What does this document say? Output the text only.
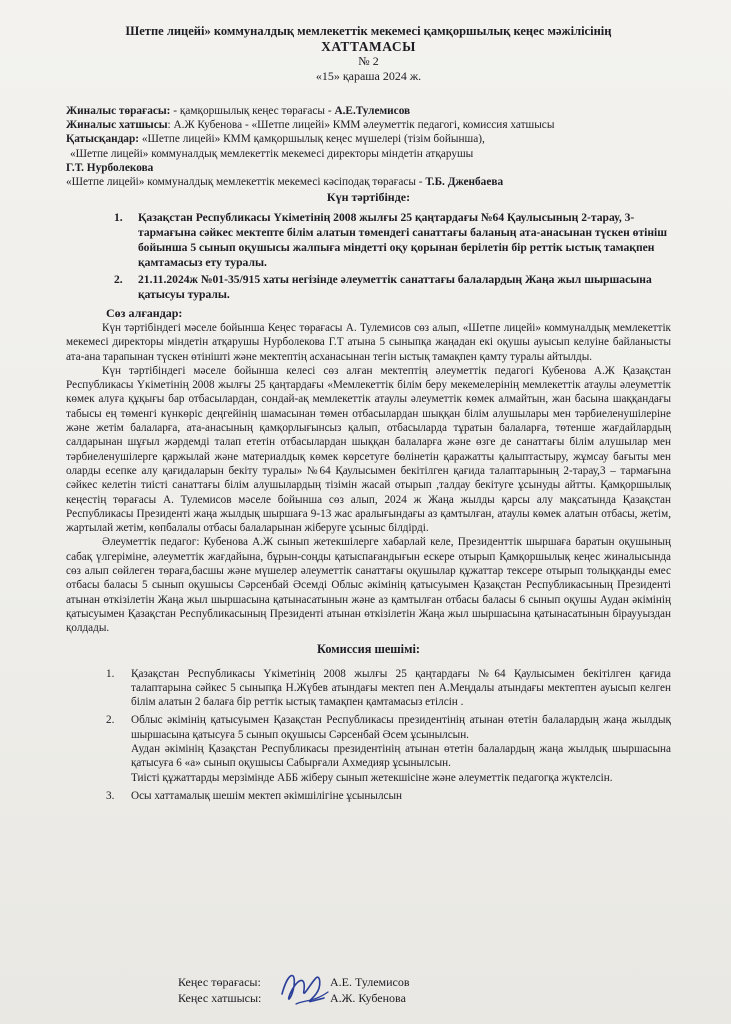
Шетпе лицейі» коммуналдық мемлекеттік мекемесі қамқоршылық кеңес мәжілісінің
ХАТТАМАСЫ
№ 2
«15» қараша 2024 ж.

Жиналыс төрағасы: - қамқоршылық кеңес төрағасы - А.Е.Тулемисов

Жиналыс хатшысы: А.Ж Кубенова - «Шетпе лицейі» КММ әлеуметтік педагогі, комиссия хатшысы

Қатысқандар: «Шетпе лицейі» КММ қамқоршылық кеңес мүшелері (тізім бойынша),

«Шетпе лицейі» коммуналдық мемлекеттік мекемесі директоры міндетін атқарушы

Г.Т. Нурболекова

«Шетпе лицейі» коммуналдық мемлекеттік мекемесі кәсіподақ төрағасы - Т.Б. Дженбаева

Күн тәртібінде:
1. Қазақстан Республикасы Үкіметінің 2008 жылғы 25 қаңтардағы №64 Қаулысының 2-тарау, 3-тармағына сәйкес мектепте білім алатын төмендегі санаттағы баланың ата-анасынан түскен өтініш бойынша 5 сынып оқушысы жалпыға міндетті оқу қорынан берілетін бір реттік ыстық тамақпен қамтамасыз ету туралы.
2. 21.11.2024ж №01-35/915 хаты негізінде әлеуметтік санаттағы балалардың Жаңа жыл шыршасына қатысуы туралы.
Сөз алғандар:

Күн тәртібіндегі мәселе бойынша Кеңес төрағасы А. Тулемисов сөз алып, «Шетпе лицейі» коммуналдық мемлекеттік мекемесі директоры міндетін атқарушы Нурболекова Г.Т атына 5 сыныпқа жаңадан екі оқушы ауысып келуіне байланысты ата-ана тарапынан түскен өтінішті және мектептің асханасынан тегін ыстық тамақпен қамту туралы айтылды.

Күн тәртібіндегі мәселе бойынша келесі сөз алған мектептің әлеуметтік педагогі Кубенова А.Ж Қазақстан Республикасы Үкіметінің 2008 жылғы 25 қаңтардағы «Мемлекеттік білім беру мекемелерінің мемлекеттік атаулы әлеуметтік көмек алуға құқығы бар отбасылардан, сондай-ақ мемлекеттік атаулы әлеуметтік көмек алмайтын, жан басына шаққандағы табысы ең төменгі күнкөріс деңгейінің шамасынан төмен отбасылардан шыққан білім алушылары мен тәрбиеленушілеріне және жетім балаларға, ата-анасының қамқорлығынсыз қалып, отбасыларда тұратын балаларға, төтенше жағдайлардың салдарынан шұғыл жәрдемді талап ететін отбасылардан шыққан балаларға және өзге де санаттағы білім алушылар мен тәрбиеленушілерге қаржылай және материалдық көмек көрсетуге бөлінетін қаражатты қалыптастыру, жұмсау бағыты мен оларды есепке алу қағидаларын бекіту туралы» №64 Қаулысымен бекітілген қағида талаптарының 2-тарау,3 – тармағына сәйкес келетін тиісті санаттағы білім алушылардың тізімін жасай отырып ,талдау бекітуге ұсынуды айтты. Қамқоршылық кеңестің төрағасы А. Тулемисов мәселе бойынша сөз алып, 2024 ж Жаңа жылды қарсы алу мақсатында Қазақстан Республикасы Президенті жаңа жылдық шыршаға 9-13 жас аралығындағы аз қамтылған, атаулы көмек алатын отбасы, жетім, жартылай жетім, көпбалалы отбасы балаларынан жіберуге ұсыныс білдірді.

Әлеуметтік педагог: Кубенова А.Ж сынып жетекшілерге хабарлай келе, Президенттік шыршаға баратын оқушының сабақ үлгеріміне, әлеуметтік жағдайына, бұрын-соңды қатыспағандығын ескере отырып Қамқоршылық кеңес жиналысында сөз алып сөйлеген төраға,басшы және мүшелер әлеуметтік санаттағы оқушылар құжаттар тексере отырып толыққанды емес отбасы баласы 5 сынып оқушысы Сәрсенбай Әсемді Облыс әкімінің қатысуымен Қазақстан Республикасының Президенті атынан өткізілетін Жаңа жыл шыршасына қатынасатынын және аз қамтылған отбасы баласы 6 сынып оқушы Аудан әкімінің қатысуымен Қазақстан Республикасының Президенті атынан өткізілетін Жаңа жыл шыршасына қатынасатынын біраууыздан қолдады.

Комиссия шешімі:
1. Қазақстан Республикасы Үкіметінің 2008 жылғы 25 қаңтардағы №64 Қаулысымен бекітілген қағида талаптарына сәйкес 5 сыныпқа Н.Жүбев атындағы мектеп пен А.Меңдалы атындағы мектептен ауысып келген білім алатын 2 балаға бір реттік ыстық тамақпен қамтамасыз етілсін .
2. Облыс әкімінің қатысуымен Қазақстан Республикасы президентінің атынан өтетін балалардың жаңа жылдық шыршасына қатысуға 5 сынып оқушысы Сәрсенбай Әсем ұсынылсын.

Аудан әкімінің Қазақстан Республикасы президентінің атынан өтетін балалардың жаңа жылдық шыршасына қатысуға 6 «а» сынып оқушысы Сабырғали Ахмедияр ұсынылсын.

Тиісті құжаттарды мерзімінде АББ жіберу сынып жетекшісіне және әлеуметтік педагогқа жүктелсін.

3. Осы хаттамалық шешім мектеп әкімшілігіне ұсынылсын
Кеңес төрағасы:	А.Е. Тулемисов
Кеңес хатшысы:	А.Ж. Кубенова
